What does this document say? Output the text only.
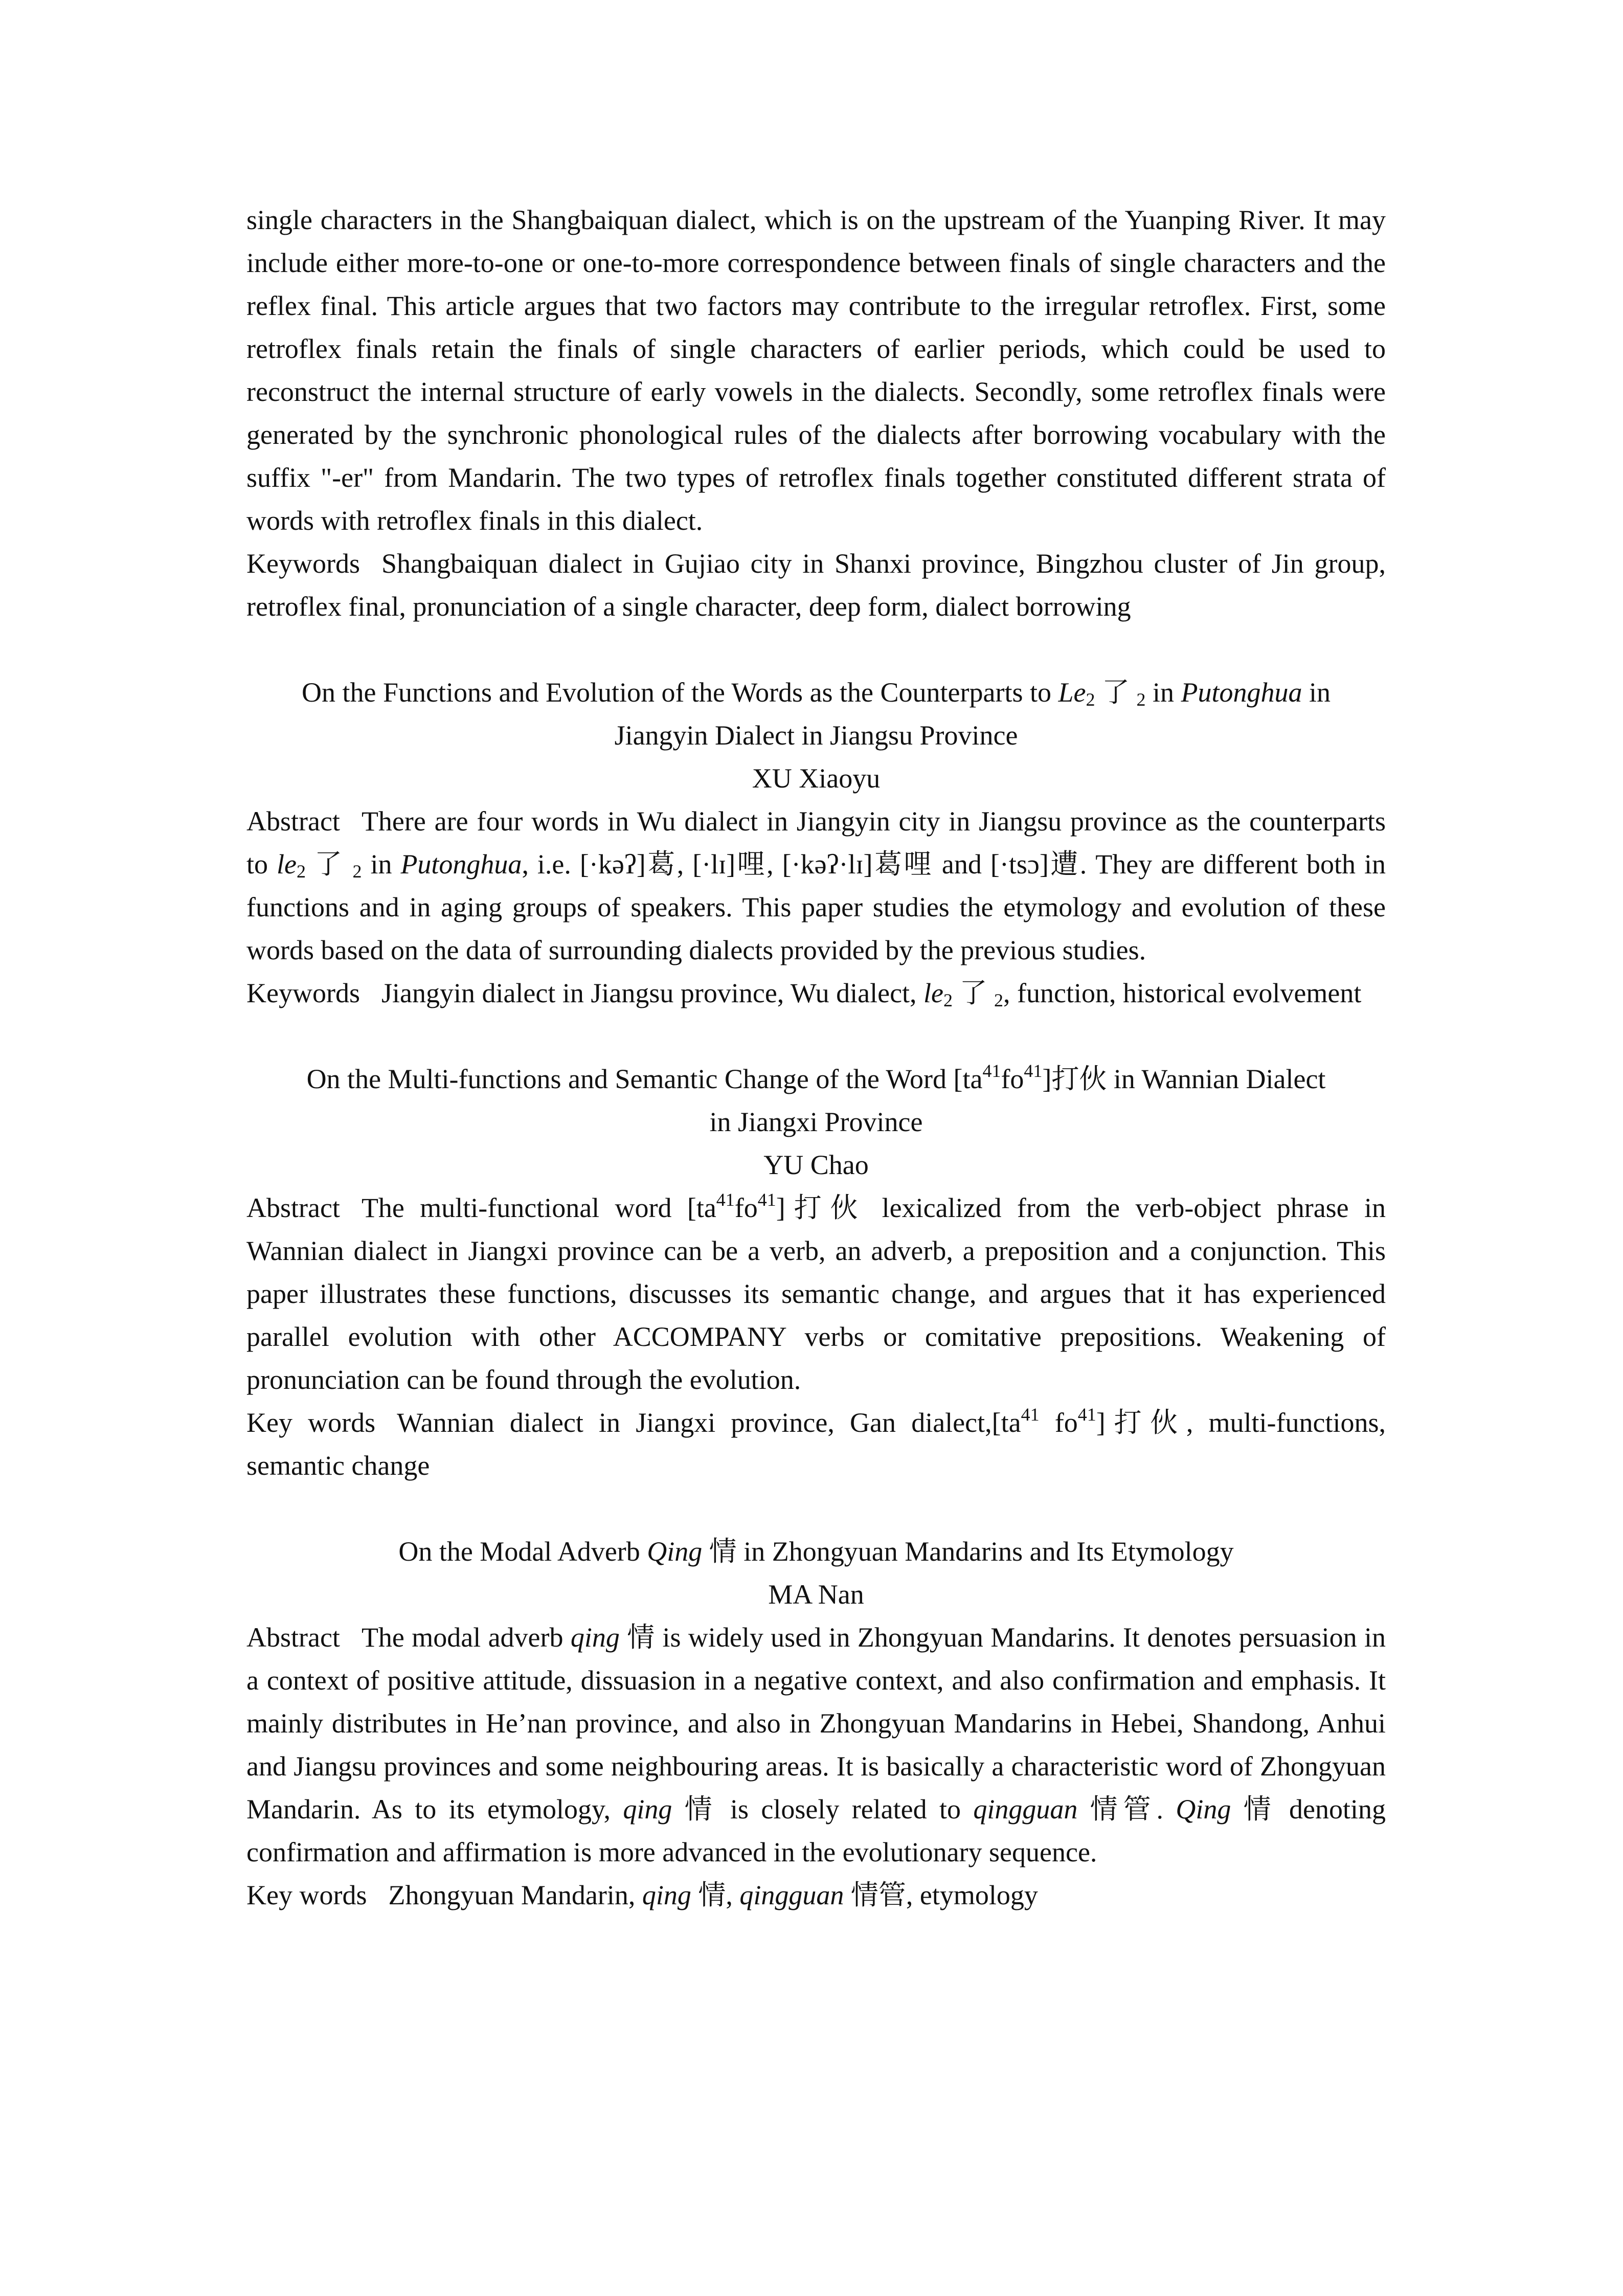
single characters in the Shangbaiquan dialect, which is on the upstream of the Yuanping River. It may include either more-to-one or one-to-more correspondence between finals of single characters and the reflex final. This article argues that two factors may contribute to the irregular retroflex. First, some retroflex finals retain the finals of single characters of earlier periods, which could be used to reconstruct the internal structure of early vowels in the dialects. Secondly, some retroflex finals were generated by the synchronic phonological rules of the dialects after borrowing vocabulary with the suffix "-er" from Mandarin. The two types of retroflex finals together constituted different strata of words with retroflex finals in this dialect.

Keywords Shangbaiquan dialect in Gujiao city in Shanxi province, Bingzhou cluster of Jin group, retroflex final, pronunciation of a single character, deep form, dialect borrowing

On the Functions and Evolution of the Words as the Counterparts to Le2 了 2 in Putonghua in

Jiangyin Dialect in Jiangsu Province

XU Xiaoyu

Abstract There are four words in Wu dialect in Jiangyin city in Jiangsu province as the counterparts to le2 了 2 in Putonghua, i.e. [·kəʔ]葛, [·lɪ]哩, [·kəʔ·lɪ]葛哩 and [·tsɔ]遭. They are different both in functions and in aging groups of speakers. This paper studies the etymology and evolution of these words based on the data of surrounding dialects provided by the previous studies.

Keywords Jiangyin dialect in Jiangsu province, Wu dialect, le2 了 2, function, historical evolvement

On the Multi-functions and Semantic Change of the Word $[ta^{41}fo^{41}]$打伙 in Wannian Dialect

in Jiangxi Province

YU Chao

Abstract The multi-functional word $[ta^{41}fo^{41}]$打伙 lexicalized from the verb-object phrase in Wannian dialect in Jiangxi province can be a verb, an adverb, a preposition and a conjunction. This paper illustrates these functions, discusses its semantic change, and argues that it has experienced parallel evolution with other ACCOMPANY verbs or comitative prepositions. Weakening of pronunciation can be found through the evolution.

Key words Wannian dialect in Jiangxi province, Gan $dialect,[ta^{41}$ $fo^{41}$]打伙, multi-functions, semantic change

On the Modal Adverb Qing 情 in Zhongyuan Mandarins and Its Etymology

MA Nan

Abstract The modal adverb qing 情 is widely used in Zhongyuan Mandarins. It denotes persuasion in a context of positive attitude, dissuasion in a negative context, and also confirmation and emphasis. It mainly distributes in He’nan province, and also in Zhongyuan Mandarins in Hebei, Shandong, Anhui and Jiangsu provinces and some neighbouring areas. It is basically a characteristic word of Zhongyuan Mandarin. As to its etymology, qing 情 is closely related to qingguan 情管. Qing 情 denoting confirmation and affirmation is more advanced in the evolutionary sequence.

Key words Zhongyuan Mandarin, qing 情, qingguan 情管, etymology
